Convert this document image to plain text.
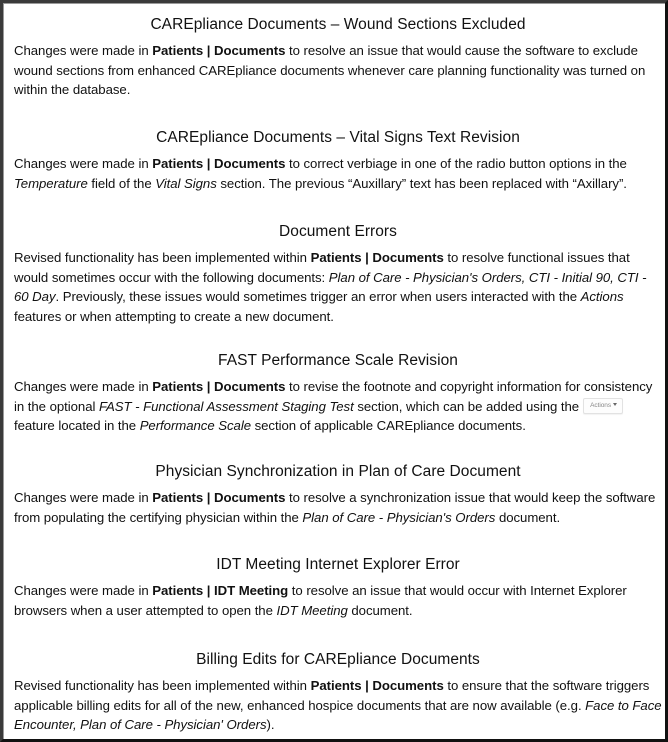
CAREpliance Documents – Wound Sections Excluded

Changes were made in Patients | Documents to resolve an issue that would cause the software to exclude wound sections from enhanced CAREpliance documents whenever care planning functionality was turned on within the database.

CAREpliance Documents – Vital Signs Text Revision

Changes were made in Patients | Documents to correct verbiage in one of the radio button options in the Temperature field of the Vital Signs section. The previous “Auxillary” text has been replaced with “Axillary”.

Document Errors

Revised functionality has been implemented within Patients | Documents to resolve functional issues that would sometimes occur with the following documents: Plan of Care - Physician's Orders, CTI - Initial 90, CTI - 60 Day. Previously, these issues would sometimes trigger an error when users interacted with the Actions features or when attempting to create a new document.

FAST Performance Scale Revision

Changes were made in Patients | Documents to revise the footnote and copyright information for consistency in the optional FAST - Functional Assessment Staging Test section, which can be added using the Actionsfeature located in the Performance Scale section of applicable CAREpliance documents.

Physician Synchronization in Plan of Care Document

Changes were made in Patients | Documents to resolve a synchronization issue that would keep the software from populating the certifying physician within the Plan of Care - Physician's Orders document.

IDT Meeting Internet Explorer Error

Changes were made in Patients | IDT Meeting to resolve an issue that would occur with Internet Explorer browsers when a user attempted to open the IDT Meeting document.

Billing Edits for CAREpliance Documents

Revised functionality has been implemented within Patients | Documents to ensure that the software triggers applicable billing edits for all of the new, enhanced hospice documents that are now available (e.g. Face to Face Encounter, Plan of Care - Physician' Orders).
